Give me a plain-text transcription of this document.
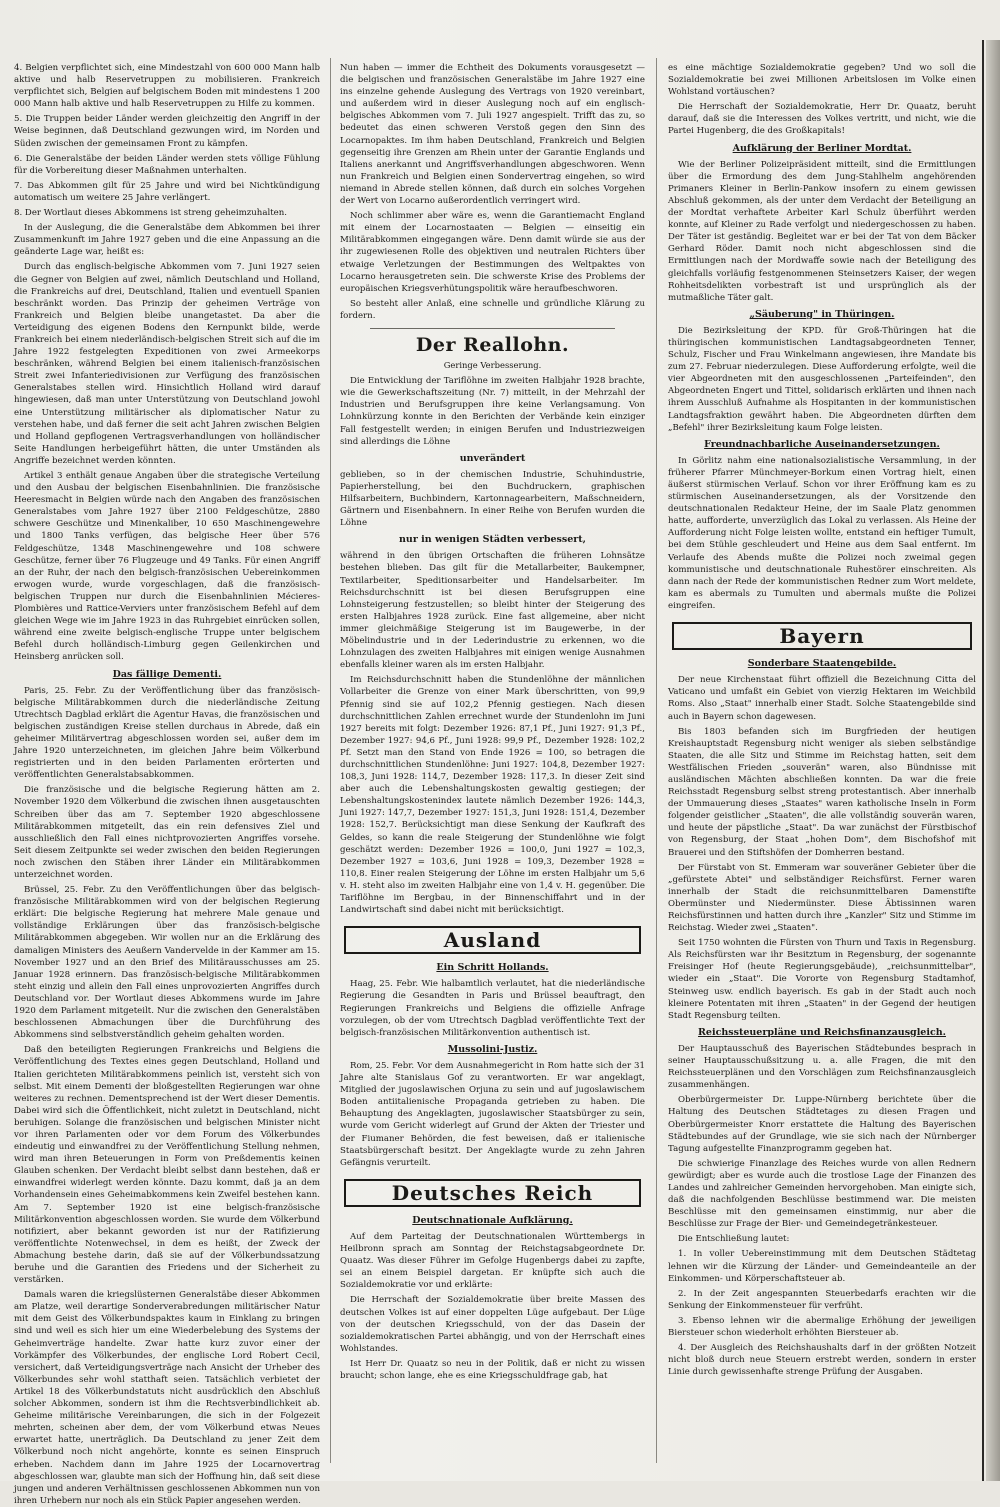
4. Belgien verpflichtet sich, eine Mindestzahl von 600 000 Mann halb aktive und halb Reservetruppen zu mobilisieren. Frankreich verpflichtet sich, Belgien auf belgischem Boden mit mindestens 1 200 000 Mann halb aktive und halb Reservetruppen zu Hilfe zu kommen.

5. Die Truppen beider Länder werden gleichzeitig den Angriff in der Weise beginnen, daß Deutschland gezwungen wird, im Norden und Süden zwischen der gemeinsamen Front zu kämpfen.

6. Die Generalstäbe der beiden Länder werden stets völlige Fühlung für die Vorbereitung dieser Maßnahmen unterhalten.

7. Das Abkommen gilt für 25 Jahre und wird bei Nichtkündigung automatisch um weitere 25 Jahre verlängert.

8. Der Wortlaut dieses Abkommens ist streng geheimzuhalten.

In der Auslegung, die die Generalstäbe dem Abkommen bei ihrer Zusammenkunft im Jahre 1927 geben und die eine Anpassung an die geänderte Lage war, heißt es:

Durch das englisch-belgische Abkommen vom 7. Juni 1927 seien die Gegner von Belgien auf zwei, nämlich Deutschland und Holland, die Frankreichs auf drei, Deutschland, Italien und eventuell Spanien beschränkt worden. Das Prinzip der geheimen Verträge von Frankreich und Belgien bleibe unangetastet. Da aber die Verteidigung des eigenen Bodens den Kernpunkt bilde, werde Frankreich bei einem niederländisch-belgischen Streit sich auf die im Jahre 1922 festgelegten Expeditionen von zwei Armeekorps beschränken, während Belgien bei einem italienisch-französischen Streit zwei Infanteriedivisionen zur Verfügung des französischen Generalstabes stellen wird. Hinsichtlich Holland wird darauf hingewiesen, daß man unter Unterstützung von Deutschland jowohl eine Unterstützung militärischer als diplomatischer Natur zu verstehen habe, und daß ferner die seit acht Jahren zwischen Belgien und Holland gepflogenen Vertragsverhandlungen von holländischer Seite Handlungen herbeigeführt hätten, die unter Umständen als Angriffe bezeichnet werden könnten.

Artikel 3 enthält genaue Angaben über die strategische Verteilung und den Ausbau der belgischen Eisenbahnlinien. Die französische Heeresmacht in Belgien würde nach den Angaben des französischen Generalstabes vom Jahre 1927 über 2100 Feldgeschütze, 2880 schwere Geschütze und Minenkaliber, 10 650 Maschinengewehre und 1800 Tanks verfügen, das belgische Heer über 576 Feldgeschütze, 1348 Maschinengewehre und 108 schwere Geschütze, ferner über 76 Flugzeuge und 49 Tanks. Für einen Angriff an der Ruhr, der nach den belgisch-französischen Uebereinkommen erwogen wurde, wurde vorgeschlagen, daß die französisch-belgischen Truppen nur durch die Eisenbahnlinien Mécieres-Plombières und Rattice-Verviers unter französischem Befehl auf dem gleichen Wege wie im Jahre 1923 in das Ruhrgebiet einrücken sollen, während eine zweite belgisch-englische Truppe unter belgischem Befehl durch holländisch-Limburg gegen Geilenkirchen und Heinsberg anrücken soll.

Das fällige Dementi.

Paris, 25. Febr. Zu der Veröffentlichung über das französisch-belgische Militärabkommen durch die niederländische Zeitung Utrechtsch Dagblad erklärt die Agentur Havas, die französischen und belgischen zuständigen Kreise stellen durchaus in Abrede, daß ein geheimer Militärvertrag abgeschlossen worden sei, außer dem im Jahre 1920 unterzeichneten, im gleichen Jahre beim Völkerbund registrierten und in den beiden Parlamenten erörterten und veröffentlichten Generalstabsabkommen.

Die französische und die belgische Regierung hätten am 2. November 1920 dem Völkerbund die zwischen ihnen ausgetauschten Schreiben über das am 7. September 1920 abgeschlossene Militärabkommen mitgeteilt, das ein rein defensives Ziel und ausschließlich den Fall eines nichtprovozierten Angriffes vorsehe. Seit diesem Zeitpunkte sei weder zwischen den beiden Regierungen noch zwischen den Stäben ihrer Länder ein Militärabkommen unterzeichnet worden.

Brüssel, 25. Febr. Zu den Veröffentlichungen über das belgisch-französische Militärabkommen wird von der belgischen Regierung erklärt: Die belgische Regierung hat mehrere Male genaue und vollständige Erklärungen über das französisch-belgische Militärabkommen abgegeben. Wir wollen nur an die Erklärung des damaligen Ministers des Aeußern Vandervelde in der Kammer am 15. November 1927 und an den Brief des Militärausschusses am 25. Januar 1928 erinnern. Das französisch-belgische Militärabkommen steht einzig und allein den Fall eines unprovozierten Angriffes durch Deutschland vor. Der Wortlaut dieses Abkommens wurde im Jahre 1920 dem Parlament mitgeteilt. Nur die zwischen den Generalstäben beschlossenen Abmachungen über die Durchführung des Abkommens sind selbstverständlich geheim gehalten worden.

Daß den beteiligten Regierungen Frankreichs und Belgiens die Veröffentlichung des Textes eines gegen Deutschland, Holland und Italien gerichteten Militärabkommens peinlich ist, versteht sich von selbst. Mit einem Dementi der bloßgestellten Regierungen war ohne weiteres zu rechnen. Dementsprechend ist der Wert dieser Dementis. Dabei wird sich die Öffentlichkeit, nicht zuletzt in Deutschland, nicht beruhigen. Solange die französischen und belgischen Minister nicht vor ihren Parlamenten oder vor dem Forum des Völkerbundes eindeutig und einwandfrei zu der Veröffentlichung Stellung nehmen, wird man ihren Beteuerungen in Form von Preßdementis keinen Glauben schenken. Der Verdacht bleibt selbst dann bestehen, daß er einwandfrei widerlegt werden könnte. Dazu kommt, daß ja an dem Vorhandensein eines Geheimabkommens kein Zweifel bestehen kann. Am 7. September 1920 ist eine belgisch-französische Militärkonvention abgeschlossen worden. Sie wurde dem Völkerbund notifiziert, aber bekannt geworden ist nur der Ratifizierung veröffentlichte Notenwechsel, in dem es heißt, der Zweck der Abmachung bestehe darin, daß sie auf der Völkerbundssatzung beruhe und die Garantien des Friedens und der Sicherheit zu verstärken.

Damals waren die kriegslüsternen Generalstäbe dieser Abkommen am Platze, weil derartige Sonderverabredungen militärischer Natur mit dem Geist des Völkerbundspaktes kaum in Einklang zu bringen sind und weil es sich hier um eine Wiederbelebung des Systems der Geheimverträge handelte. Zwar hatte kurz zuvor einer der Vorkämpfer des Völkerbundes, der englische Lord Robert Cecil, versichert, daß Verteidigungsverträge nach Ansicht der Urheber des Völkerbundes sehr wohl statthaft seien. Tatsächlich verbietet der Artikel 18 des Völkerbundstatuts nicht ausdrücklich den Abschluß solcher Abkommen, sondern ist ihm die Rechtsverbindlichkeit ab. Geheime militärische Vereinbarungen, die sich in der Folgezeit mehrten, scheinen aber dem, der vom Völkerbund etwas Neues erwartet hatte, unerträglich. Da Deutschland zu jener Zeit dem Völkerbund noch nicht angehörte, konnte es seinen Einspruch erheben. Nachdem dann im Jahre 1925 der Locarnovertrag abgeschlossen war, glaubte man sich der Hoffnung hin, daß seit diese jungen und anderen Verhältnissen geschlossenen Abkommen nun von ihren Urhebern nur noch als ein Stück Papier angesehen werden.

Nun haben — immer die Echtheit des Dokuments vorausgesetzt — die belgischen und französischen Generalstäbe im Jahre 1927 eine ins einzelne gehende Auslegung des Vertrags von 1920 vereinbart, und außerdem wird in dieser Auslegung noch auf ein englisch-belgisches Abkommen vom 7. Juli 1927 angespielt. Trifft das zu, so bedeutet das einen schweren Verstoß gegen den Sinn des Locarnopaktes. Im ihm haben Deutschland, Frankreich und Belgien gegenseitig ihre Grenzen am Rhein unter der Garantie Englands und Italiens anerkannt und Angriffsverhandlungen abgeschworen. Wenn nun Frankreich und Belgien einen Sondervertrag eingehen, so wird niemand in Abrede stellen können, daß durch ein solches Vorgehen der Wert von Locarno außerordentlich verringert wird.

Noch schlimmer aber wäre es, wenn die Garantiemacht England mit einem der Locarnostaaten — Belgien — einseitig ein Militärabkommen eingegangen wäre. Denn damit würde sie aus der ihr zugewiesenen Rolle des objektiven und neutralen Richters über etwaige Verletzungen der Bestimmungen des Weltpaktes von Locarno herausgetreten sein. Die schwerste Krise des Problems der europäischen Kriegsverhütungspolitik wäre heraufbeschworen.

So besteht aller Anlaß, eine schnelle und gründliche Klärung zu fordern.

Der Reallohn.
Geringe Verbesserung.

Die Entwicklung der Tariflöhne im zweiten Halbjahr 1928 brachte, wie die Gewerkschaftszeitung (Nr. 7) mitteilt, in der Mehrzahl der Industrien und Berufsgruppen ihre keine Verlangsamung. Von Lohnkürzung konnte in den Berichten der Verbände kein einziger Fall festgestellt werden; in einigen Berufen und Industriezweigen sind allerdings die Löhne

unverändert

geblieben, so in der chemischen Industrie, Schuhindustrie, Papierherstellung, bei den Buchdruckern, graphischen Hilfsarbeitern, Buchbindern, Kartonnagearbeitern, Maßschneidern, Gärtnern und Eisenbahnern. In einer Reihe von Berufen wurden die Löhne

nur in wenigen Städten verbessert,

während in den übrigen Ortschaften die früheren Lohnsätze bestehen blieben. Das gilt für die Metallarbeiter, Baukempner, Textilarbeiter, Speditionsarbeiter und Handelsarbeiter. Im Reichsdurchschnitt ist bei diesen Berufsgruppen eine Lohnsteigerung festzustellen; so bleibt hinter der Steigerung des ersten Halbjahres 1928 zurück. Eine fast allgemeine, aber nicht immer gleichmäßige Steigerung ist im Baugewerbe, in der Möbelindustrie und in der Lederindustrie zu erkennen, wo die Lohnzulagen des zweiten Halbjahres mit einigen wenige Ausnahmen ebenfalls kleiner waren als im ersten Halbjahr.

Im Reichsdurchschnitt haben die Stundenlöhne der männlichen Vollarbeiter die Grenze von einer Mark überschritten, von 99,9 Pfennig sind sie auf 102,2 Pfennig gestiegen. Nach diesen durchschnittlichen Zahlen errechnet wurde der Stundenlohn im Juni 1927 bereits mit folgt: Dezember 1926: 87,1 Pf., Juni 1927: 91,3 Pf., Dezember 1927: 94,6 Pf., Juni 1928: 99,9 Pf., Dezember 1928: 102,2 Pf. Setzt man den Stand von Ende 1926 = 100, so betragen die durchschnittlichen Stundenlöhne: Juni 1927: 104,8, Dezember 1927: 108,3, Juni 1928: 114,7, Dezember 1928: 117,3. In dieser Zeit sind aber auch die Lebenshaltungskosten gewaltig gestiegen; der Lebenshaltungskostenindex lautete nämlich Dezember 1926: 144,3, Juni 1927: 147,7, Dezember 1927: 151,3, Juni 1928: 151,4, Dezember 1928: 152,7. Berücksichtigt man diese Senkung der Kaufkraft des Geldes, so kann die reale Steigerung der Stundenlöhne wie folgt geschätzt werden: Dezember 1926 = 100,0, Juni 1927 = 102,3, Dezember 1927 = 103,6, Juni 1928 = 109,3, Dezember 1928 = 110,8. Einer realen Steigerung der Löhne im ersten Halbjahr um 5,6 v. H. steht also im zweiten Halbjahr eine von 1,4 v. H. gegenüber. Die Tariflöhne im Bergbau, in der Binnenschiffahrt und in der Landwirtschaft sind dabei nicht mit berücksichtigt.

Ausland
Ein Schritt Hollands.

Haag, 25. Febr. Wie halbamtlich verlautet, hat die niederländische Regierung die Gesandten in Paris und Brüssel beauftragt, den Regierungen Frankreichs und Belgiens die offizielle Anfrage vorzulegen, ob der vom Utrechtsch Dagblad veröffentlichte Text der belgisch-französischen Militärkonvention authentisch ist.

Mussolini-Justiz.

Rom, 25. Febr. Vor dem Ausnahmegericht in Rom hatte sich der 31 Jahre alte Stanislaus Gof zu verantworten. Er war angeklagt, Mitglied der jugoslawischen Orjuna zu sein und auf jugoslawischem Boden antiitalienische Propaganda getrieben zu haben. Die Behauptung des Angeklagten, jugoslawischer Staatsbürger zu sein, wurde vom Gericht widerlegt auf Grund der Akten der Triester und der Fiumaner Behörden, die fest beweisen, daß er italienische Staatsbürgerschaft besitzt. Der Angeklagte wurde zu zehn Jahren Gefängnis verurteilt.

Deutsches Reich
Deutschnationale Aufklärung.

Auf dem Parteitag der Deutschnationalen Württembergs in Heilbronn sprach am Sonntag der Reichstagsabgeordnete Dr. Quaatz. Was dieser Führer im Gefolge Hugenbergs dabei zu zapfte, sei an einem Beispiel dargetan. Er knüpfte sich auch die Sozialdemokratie vor und erklärte:

Die Herrschaft der Sozialdemokratie über breite Massen des deutschen Volkes ist auf einer doppelten Lüge aufgebaut. Der Lüge von der deutschen Kriegsschuld, von der das Dasein der sozialdemokratischen Partei abhängig, und von der Herrschaft eines Wohlstandes.

Ist Herr Dr. Quaatz so neu in der Politik, daß er nicht zu wissen braucht; schon lange, ehe es eine Kriegsschuldfrage gab, hat

es eine mächtige Sozialdemokratie gegeben? Und wo soll die Sozialdemokratie bei zwei Millionen Arbeitslosen im Volke einen Wohlstand vortäuschen?

Die Herrschaft der Sozialdemokratie, Herr Dr. Quaatz, beruht darauf, daß sie die Interessen des Volkes vertritt, und nicht, wie die Partei Hugenberg, die des Großkapitals!

Aufklärung der Berliner Mordtat.

Wie der Berliner Polizeipräsident mitteilt, sind die Ermittlungen über die Ermordung des dem Jung-Stahlhelm angehörenden Primaners Kleiner in Berlin-Pankow insofern zu einem gewissen Abschluß gekommen, als der unter dem Verdacht der Beteiligung an der Mordtat verhaftete Arbeiter Karl Schulz überführt werden konnte, auf Kleiner zu Rade verfolgt und niedergeschossen zu haben. Der Täter ist geständig. Begleitet war er bei der Tat von dem Bäcker Gerhard Röder. Damit noch nicht abgeschlossen sind die Ermittlungen nach der Mordwaffe sowie nach der Beteiligung des gleichfalls vorläufig festgenommenen Steinsetzers Kaiser, der wegen Rohheitsdelikten vorbestraft ist und ursprünglich als der mutmaßliche Täter galt.

„Säuberung" in Thüringen.

Die Bezirksleitung der KPD. für Groß-Thüringen hat die thüringischen kommunistischen Landtagsabgeordneten Tenner, Schulz, Fischer und Frau Winkelmann angewiesen, ihre Mandate bis zum 27. Februar niederzulegen. Diese Aufforderung erfolgte, weil die vier Abgeordneten mit den ausgeschlossenen „Parteifeinden", den Abgeordneten Engert und Tittel, solidarisch erklärten und ihnen nach ihrem Ausschluß Aufnahme als Hospitanten in der kommunistischen Landtagsfraktion gewährt haben. Die Abgeordneten dürften dem „Befehl" ihrer Bezirksleitung kaum Folge leisten.

Freundnachbarliche Auseinandersetzungen.

In Görlitz nahm eine nationalsozialistische Versammlung, in der früherer Pfarrer Münchmeyer-Borkum einen Vortrag hielt, einen äußerst stürmischen Verlauf. Schon vor ihrer Eröffnung kam es zu stürmischen Auseinandersetzungen, als der Vorsitzende den deutschnationalen Redakteur Heine, der im Saale Platz genommen hatte, aufforderte, unverzüglich das Lokal zu verlassen. Als Heine der Aufforderung nicht Folge leisten wollte, entstand ein heftiger Tumult, bei dem Stühle geschleudert und Heine aus dem Saal entfernt. Im Verlaufe des Abends mußte die Polizei noch zweimal gegen kommunistische und deutschnationale Ruhestörer einschreiten. Als dann nach der Rede der kommunistischen Redner zum Wort meldete, kam es abermals zu Tumulten und abermals mußte die Polizei eingreifen.

Bayern
Sonderbare Staatengebilde.

Der neue Kirchenstaat führt offiziell die Bezeichnung Citta del Vaticano und umfaßt ein Gebiet von vierzig Hektaren im Weichbild Roms. Also „Staat" innerhalb einer Stadt. Solche Staatengebilde sind auch in Bayern schon dagewesen.

Bis 1803 befanden sich im Burgfrieden der heutigen Kreishauptstadt Regensburg nicht weniger als sieben selbständige Staaten, die alle Sitz und Stimme im Reichstag hatten, seit dem Westfälischen Frieden „souverän" waren, also Bündnisse mit ausländischen Mächten abschließen konnten. Da war die freie Reichsstadt Regensburg selbst streng protestantisch. Aber innerhalb der Ummauerung dieses „Staates" waren katholische Inseln in Form folgender geistlicher „Staaten", die alle vollständig souverän waren, und heute der päpstliche „Staat". Da war zunächst der Fürstbischof von Regensburg, der Staat „hohen Dom", dem Bischofshof mit Brauerei und den Stiftshöfen der Domherren bestand.

Der Fürstabt von St. Emmeram war souveräner Gebieter über die „gefürstete Abtei" und selbständiger Reichsfürst. Ferner waren innerhalb der Stadt die reichsunmittelbaren Damenstifte Obermünster und Niedermünster. Diese Äbtissinnen waren Reichsfürstinnen und hatten durch ihre „Kanzler" Sitz und Stimme im Reichstag. Wieder zwei „Staaten".

Seit 1750 wohnten die Fürsten von Thurn und Taxis in Regensburg. Als Reichsfürsten war ihr Besitztum in Regensburg, der sogenannte Freisinger Hof (heute Regierungsgebäude), „reichsunmittelbar", wieder ein „Staat". Die Vororte von Regensburg Stadtamhof, Steinweg usw. endlich bayerisch. Es gab in der Stadt auch noch kleinere Potentaten mit ihren „Staaten" in der Gegend der heutigen Stadt Regensburg teilten.

Reichssteuerpläne und Reichsfinanzausgleich.

Der Hauptausschuß des Bayerischen Städtebundes besprach in seiner Hauptausschußsitzung u. a. alle Fragen, die mit den Reichssteuerplänen und den Vorschlägen zum Reichsfinanzausgleich zusammenhängen.

Oberbürgermeister Dr. Luppe-Nürnberg berichtete über die Haltung des Deutschen Städtetages zu diesen Fragen und Oberbürgermeister Knorr erstattete die Haltung des Bayerischen Städtebundes auf der Grundlage, wie sie sich nach der Nürnberger Tagung aufgestellte Finanzprogramm gegeben hat.

Die schwierige Finanzlage des Reiches wurde von allen Rednern gewürdigt; aber es wurde auch die trostlose Lage der Finanzen des Landes und zahlreicher Gemeinden hervorgehoben. Man einigte sich, daß die nachfolgenden Beschlüsse bestimmend war. Die meisten Beschlüsse mit den gemeinsamen einstimmig, nur aber die Beschlüsse zur Frage der Bier- und Gemeindegetränkesteuer.

Die Entschließung lautet:

1. In voller Uebereinstimmung mit dem Deutschen Städtetag lehnen wir die Kürzung der Länder- und Gemeindeanteile an der Einkommen- und Körperschaftsteuer ab.

2. In der Zeit angespannten Steuerbedarfs erachten wir die Senkung der Einkommensteuer für verfrüht.

3. Ebenso lehnen wir die abermalige Erhöhung der jeweiligen Biersteuer schon wiederholt erhöhten Biersteuer ab.

4. Der Ausgleich des Reichshaushalts darf in der größten Notzeit nicht bloß durch neue Steuern erstrebt werden, sondern in erster Linie durch gewissenhafte strenge Prüfung der Ausgaben.
